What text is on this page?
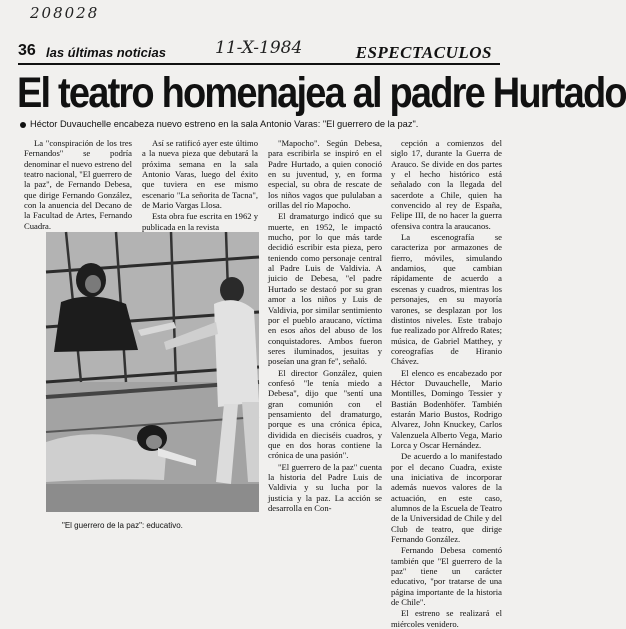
208028
36 las últimas noticias	11-X-1984	ESPECTACULOS
El teatro homenajea al padre Hurtado
Héctor Duvauchelle encabeza nuevo estreno en la sala Antonio Varas: "El guerrero de la paz".

La "conspiración de los tres Fernandos" se podría denominar el nuevo estreno del teatro nacional, "El guerrero de la paz", de Fernando Debesa, que dirige Fernando González, con la anuencia del Decano de la Facultad de Artes, Fernando Cuadra.

Así se ratificó ayer este último a la nueva pieza que debutará la próxima semana en la sala Antonio Varas, luego del éxito que tuviera en ese mismo escenario "La señorita de Tacna", de Mario Vargas Llosa.

Esta obra fue escrita en 1962 y publicada en la revista

"Mapocho". Según Debesa, para escribirla se inspiró en el Padre Hurtado, a quien conoció en su juventud, y, en forma especial, su obra de rescate de los niños vagos que pululaban a orillas del río Mapocho.

El dramaturgo indicó que su muerte, en 1952, le impactó mucho, por lo que más tarde decidió escribir esta pieza, pero teniendo como personaje central al Padre Luis de Valdivia. A juicio de Debesa, "el padre Hurtado se destacó por su gran amor a los niños y Luis de Valdivia, por similar sentimiento por el pueblo araucano, víctima en esos años del abuso de los conquistadores. Ambos fueron seres iluminados, jesuitas y poseían una gran fe", señaló.

El director González, quien confesó "le tenía miedo a Debesa", dijo que "sentí una gran comunión con el pensamiento del dramaturgo, porque es una crónica épica, dividida en dieciséis cuadros, y que en dos horas contiene la crónica de una pasión".

"El guerrero de la paz" cuenta la historia del Padre Luis de Valdivia y su lucha por la justicia y la paz. La acción se desarrolla en Con-

cepción a comienzos del siglo 17, durante la Guerra de Arauco. Se divide en dos partes y el hecho histórico está señalado con la llegada del sacerdote a Chile, quien ha convencido al rey de España, Felipe III, de no hacer la guerra ofensiva contra la araucanos.

La escenografía se caracteriza por armazones de fierro, móviles, simulando andamios, que cambian rápidamente de acuerdo a escenas y cuadros, mientras los personajes, en su mayoría varones, se desplazan por los distintos niveles. Este trabajo fue realizado por Alfredo Rates; música, de Gabriel Matthey, y coreografías de Hiranio Chávez.

El elenco es encabezado por Héctor Duvauchelle, Mario Montilles, Domingo Tessier y Bastián Bodenhöfer. También estarán Mario Bustos, Rodrigo Alvarez, John Knuckey, Carlos Valenzuela Alberto Vega, Mario Lorca y Oscar Hernández.

De acuerdo a lo manifestado por el decano Cuadra, existe una iniciativa de incorporar además nuevos valores de la actuación, en este caso, alumnos de la Escuela de Teatro de la Universidad de Chile y del Club de teatro, que dirige Fernando González.

Fernando Debesa comentó también que "El guerrero de la paz" tiene un carácter educativo, "por tratarse de una página importante de la historia de Chile".

El estreno se realizará el miércoles venidero.

"El guerrero de la paz": educativo.
